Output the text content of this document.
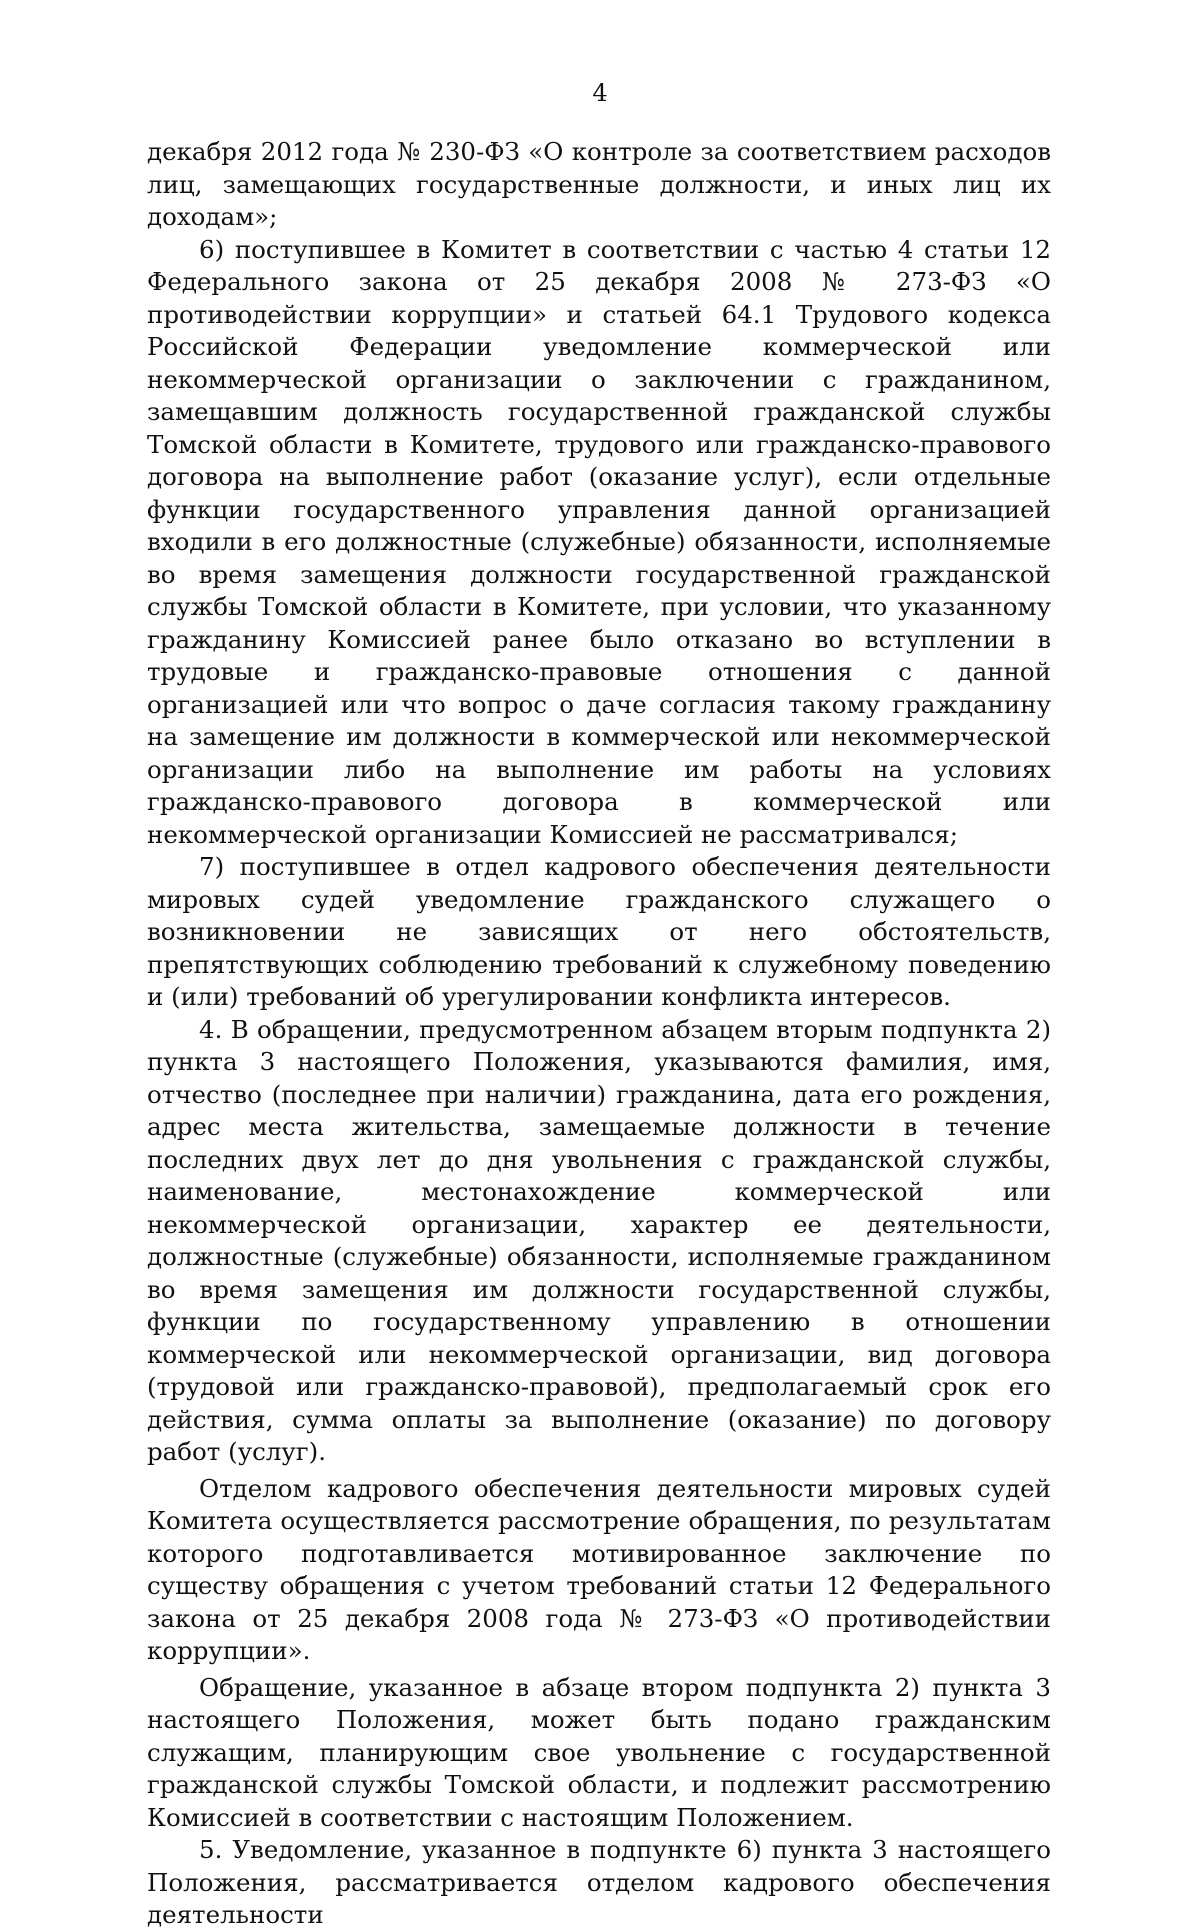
4

декабря 2012 года № 230-ФЗ «О контроле за соответствием расходов лиц, замещающих государственные должности, и иных лиц их доходам»;

6) поступившее в Комитет в соответствии с частью 4 статьи 12 Федерального закона от 25 декабря 2008 № 273-ФЗ «О противодействии коррупции» и статьей 64.1 Трудового кодекса Российской Федерации уведомление коммерческой или некоммерческой организации о заключении с гражданином, замещавшим должность государственной гражданской службы Томской области в Комитете, трудового или гражданско-правового договора на выполнение работ (оказание услуг), если отдельные функции государственного управления данной организацией входили в его должностные (служебные) обязанности, исполняемые во время замещения должности государственной гражданской службы Томской области в Комитете, при условии, что указанному гражданину Комиссией ранее было отказано во вступлении в трудовые и гражданско-правовые отношения с данной организацией или что вопрос о даче согласия такому гражданину на замещение им должности в коммерческой или некоммерческой организации либо на выполнение им работы на условиях гражданско-правового договора в коммерческой или некоммерческой организации Комиссией не рассматривался;

7) поступившее в отдел кадрового обеспечения деятельности мировых судей уведомление гражданского служащего о возникновении не зависящих от него обстоятельств, препятствующих соблюдению требований к служебному поведению и (или) требований об урегулировании конфликта интересов.

4. В обращении, предусмотренном абзацем вторым подпункта 2) пункта 3 настоящего Положения, указываются фамилия, имя, отчество (последнее при наличии) гражданина, дата его рождения, адрес места жительства, замещаемые должности в течение последних двух лет до дня увольнения с гражданской службы, наименование, местонахождение коммерческой или некоммерческой организации, характер ее деятельности, должностные (служебные) обязанности, исполняемые гражданином во время замещения им должности государственной службы, функции по государственному управлению в отношении коммерческой или некоммерческой организации, вид договора (трудовой или гражданско-правовой), предполагаемый срок его действия, сумма оплаты за выполнение (оказание) по договору работ (услуг).

Отделом кадрового обеспечения деятельности мировых судей Комитета осуществляется рассмотрение обращения, по результатам которого подготавливается мотивированное заключение по существу обращения с учетом требований статьи 12 Федерального закона от 25 декабря 2008 года № 273-ФЗ «О противодействии коррупции».

Обращение, указанное в абзаце втором подпункта 2) пункта 3 настоящего Положения, может быть подано гражданским служащим, планирующим свое увольнение с государственной гражданской службы Томской области, и подлежит рассмотрению Комиссией в соответствии с настоящим Положением.

5. Уведомление, указанное в подпункте 6) пункта 3 настоящего Положения, рассматривается отделом кадрового обеспечения деятельности
